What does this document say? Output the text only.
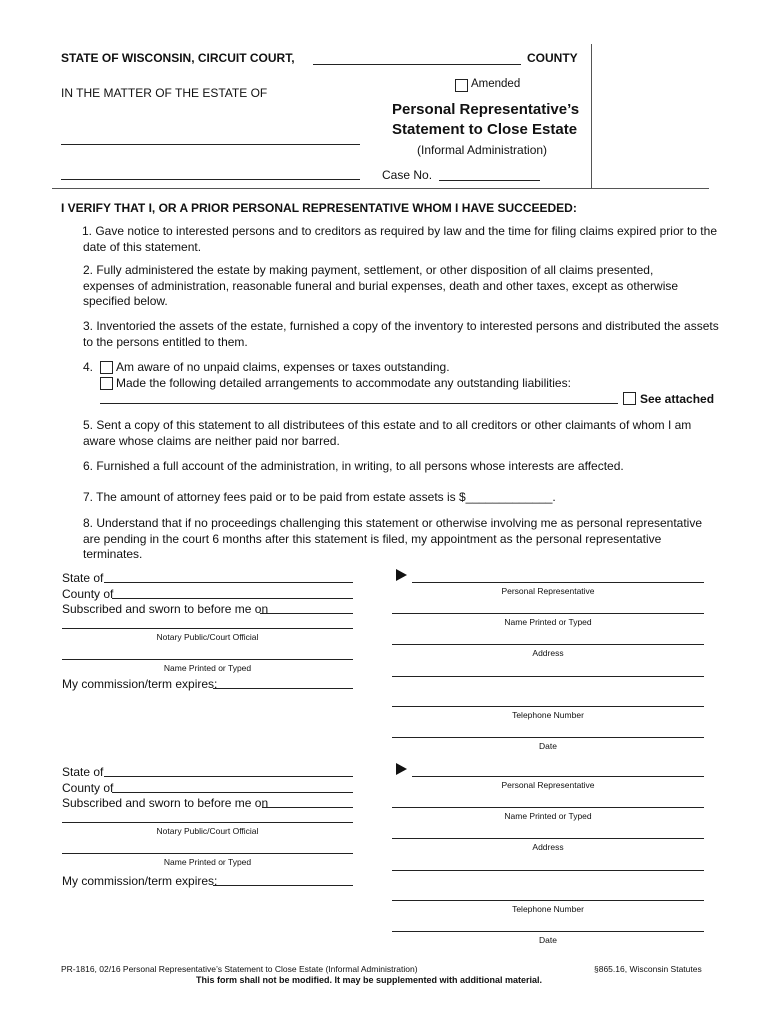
STATE OF WISCONSIN, CIRCUIT COURT,	COUNTY
IN THE MATTER OF THE ESTATE OF
Amended
Personal Representative’s
Statement to Close Estate
(Informal Administration)
Case No.
I VERIFY THAT I, OR A PRIOR PERSONAL REPRESENTATIVE WHOM I HAVE SUCCEEDED:
1. Gave notice to interested persons and to creditors as required by law and the time for filing claims expired prior to the date of this statement.
2. Fully administered the estate by making payment, settlement, or other disposition of all claims presented, expenses of administration, reasonable funeral and burial expenses, death and other taxes, except as otherwise specified below.
3. Inventoried the assets of the estate, furnished a copy of the inventory to interested persons and distributed the assets to the persons entitled to them.
4. Am aware of no unpaid claims, expenses or taxes outstanding.
Made the following detailed arrangements to accommodate any outstanding liabilities:
See attached
5. Sent a copy of this statement to all distributees of this estate and to all creditors or other claimants of whom I am aware whose claims are neither paid nor barred.
6. Furnished a full account of the administration, in writing, to all persons whose interests are affected.
7. The amount of attorney fees paid or to be paid from estate assets is $_____________.
8. Understand that if no proceedings challenging this statement or otherwise involving me as personal representative are pending in the court 6 months after this statement is filed, my appointment as the personal representative terminates.
State of
County of
Subscribed and sworn to before me on
Notary Public/Court Official
Name Printed or Typed
My commission/term expires:
Personal Representative
Name Printed or Typed
Address
Telephone Number
Date
State of
County of
Subscribed and sworn to before me on
Notary Public/Court Official
Name Printed or Typed
My commission/term expires:
Personal Representative
Name Printed or Typed
Address
Telephone Number
Date
PR-1816, 02/16 Personal Representative’s Statement to Close Estate (Informal Administration)	§865.16, Wisconsin Statutes
This form shall not be modified. It may be supplemented with additional material.
